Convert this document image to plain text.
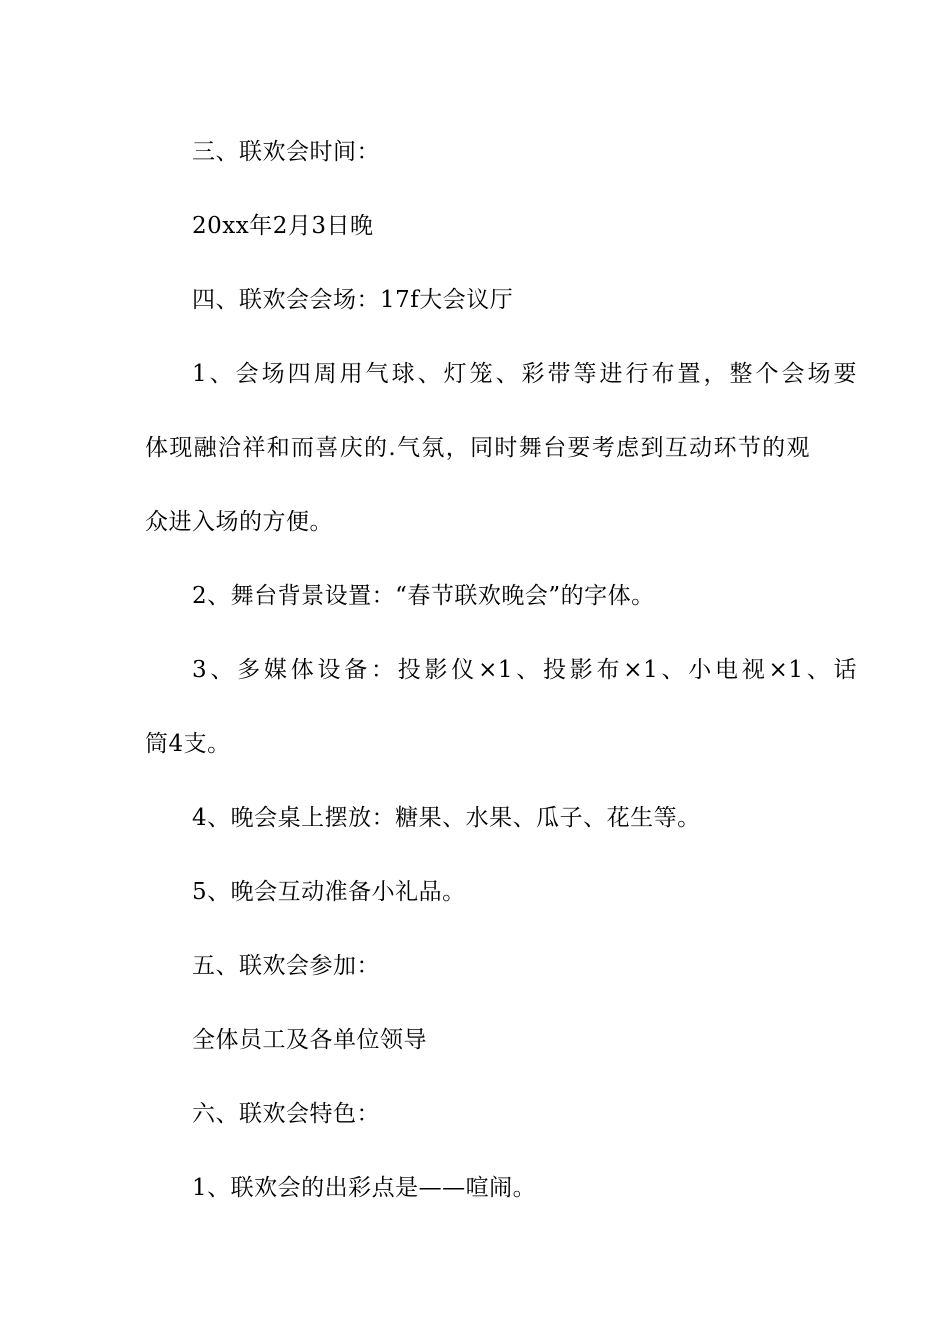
三、联欢会时间：
20xx年2月3日晚
四、联欢会会场：17f大会议厅
1、会场四周用气球、灯笼、彩带等进行布置，整个会场要
体现融洽祥和而喜庆的.气氛，同时舞台要考虑到互动环节的观
众进入场的方便。
2、舞台背景设置：“春节联欢晚会”的字体。
3、多媒体设备：投影仪×1、投影布×1、小电视×1、话
筒4支。
4、晚会桌上摆放：糖果、水果、瓜子、花生等。
5、晚会互动准备小礼品。
五、联欢会参加：
全体员工及各单位领导
六、联欢会特色：
1、联欢会的出彩点是——喧闹。
